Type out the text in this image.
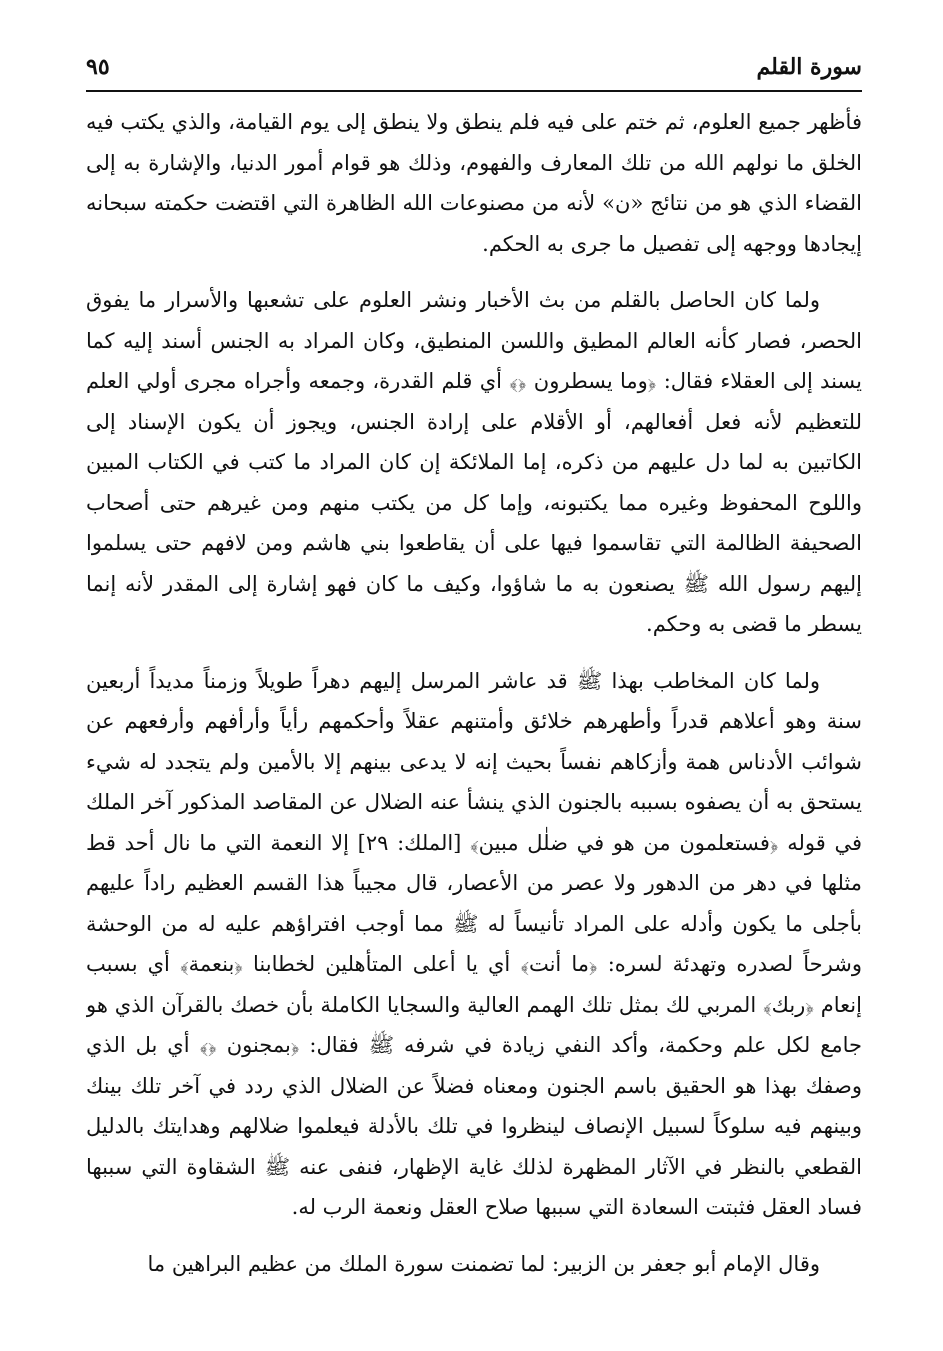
سورة القلم
٩٥

فأظهر جميع العلوم، ثم ختم على فيه فلم ينطق ولا ينطق إلى يوم القيامة، والذي يكتب فيه الخلق ما نولهم الله من تلك المعارف والفهوم، وذلك هو قوام أمور الدنيا، والإشارة به إلى القضاء الذي هو من نتائج «ن» لأنه من مصنوعات الله الظاهرة التي اقتضت حكمته سبحانه إيجادها ووجهه إلى تفصيل ما جرى به الحكم.

ولما كان الحاصل بالقلم من بث الأخبار ونشر العلوم على تشعبها والأسرار ما يفوق الحصر، فصار كأنه العالم المطيق واللسن المنطيق، وكان المراد به الجنس أسند إليه كما يسند إلى العقلاء فقال: ﴿وما يسطرون ﴿﴾ أي قلم القدرة، وجمعه وأجراه مجرى أولي العلم للتعظيم لأنه فعل أفعالهم، أو الأقلام على إرادة الجنس، ويجوز أن يكون الإسناد إلى الكاتبين به لما دل عليهم من ذكره، إما الملائكة إن كان المراد ما كتب في الكتاب المبين واللوح المحفوظ وغيره مما يكتبونه، وإما كل من يكتب منهم ومن غيرهم حتى أصحاب الصحيفة الظالمة التي تقاسموا فيها على أن يقاطعوا بني هاشم ومن لافهم حتى يسلموا إليهم رسول الله ﷺ يصنعون به ما شاؤوا، وكيف ما كان فهو إشارة إلى المقدر لأنه إنما يسطر ما قضى به وحكم.

ولما كان المخاطب بهذا ﷺ قد عاشر المرسل إليهم دهراً طويلاً وزمناً مديداً أربعين سنة وهو أعلاهم قدراً وأطهرهم خلائق وأمتنهم عقلاً وأحكمهم رأياً وأرأفهم وأرفعهم عن شوائب الأدناس همة وأزكاهم نفساً بحيث إنه لا يدعى بينهم إلا بالأمين ولم يتجدد له شيء يستحق به أن يصفوه بسببه بالجنون الذي ينشأ عنه الضلال عن المقاصد المذكور آخر الملك في قوله ﴿فستعلمون من هو في ضلٰل مبين﴾ [الملك: ٢٩] إلا النعمة التي ما نال أحد قط مثلها في دهر من الدهور ولا عصر من الأعصار، قال مجيباً هذا القسم العظيم راداً عليهم بأجلى ما يكون وأدله على المراد تأنيساً له ﷺ مما أوجب افتراؤهم عليه له من الوحشة وشرحاً لصدره وتهدئة لسره: ﴿ما أنت﴾ أي يا أعلى المتأهلين لخطابنا ﴿بنعمة﴾ أي بسبب إنعام ﴿ربك﴾ المربي لك بمثل تلك الهمم العالية والسجايا الكاملة بأن خصك بالقرآن الذي هو جامع لكل علم وحكمة، وأكد النفي زيادة في شرفه ﷺ فقال: ﴿بمجنون ﴿﴾ أي بل الذي وصفك بهذا هو الحقيق باسم الجنون ومعناه فضلاً عن الضلال الذي ردد في آخر تلك بينك وبينهم فيه سلوكاً لسبيل الإنصاف لينظروا في تلك بالأدلة فيعلموا ضلالهم وهدايتك بالدليل القطعي بالنظر في الآثار المظهرة لذلك غاية الإظهار، فنفى عنه ﷺ الشقاوة التي سببها فساد العقل فثبتت السعادة التي سببها صلاح العقل ونعمة الرب له.

وقال الإمام أبو جعفر بن الزبير: لما تضمنت سورة الملك من عظيم البراهين ما
